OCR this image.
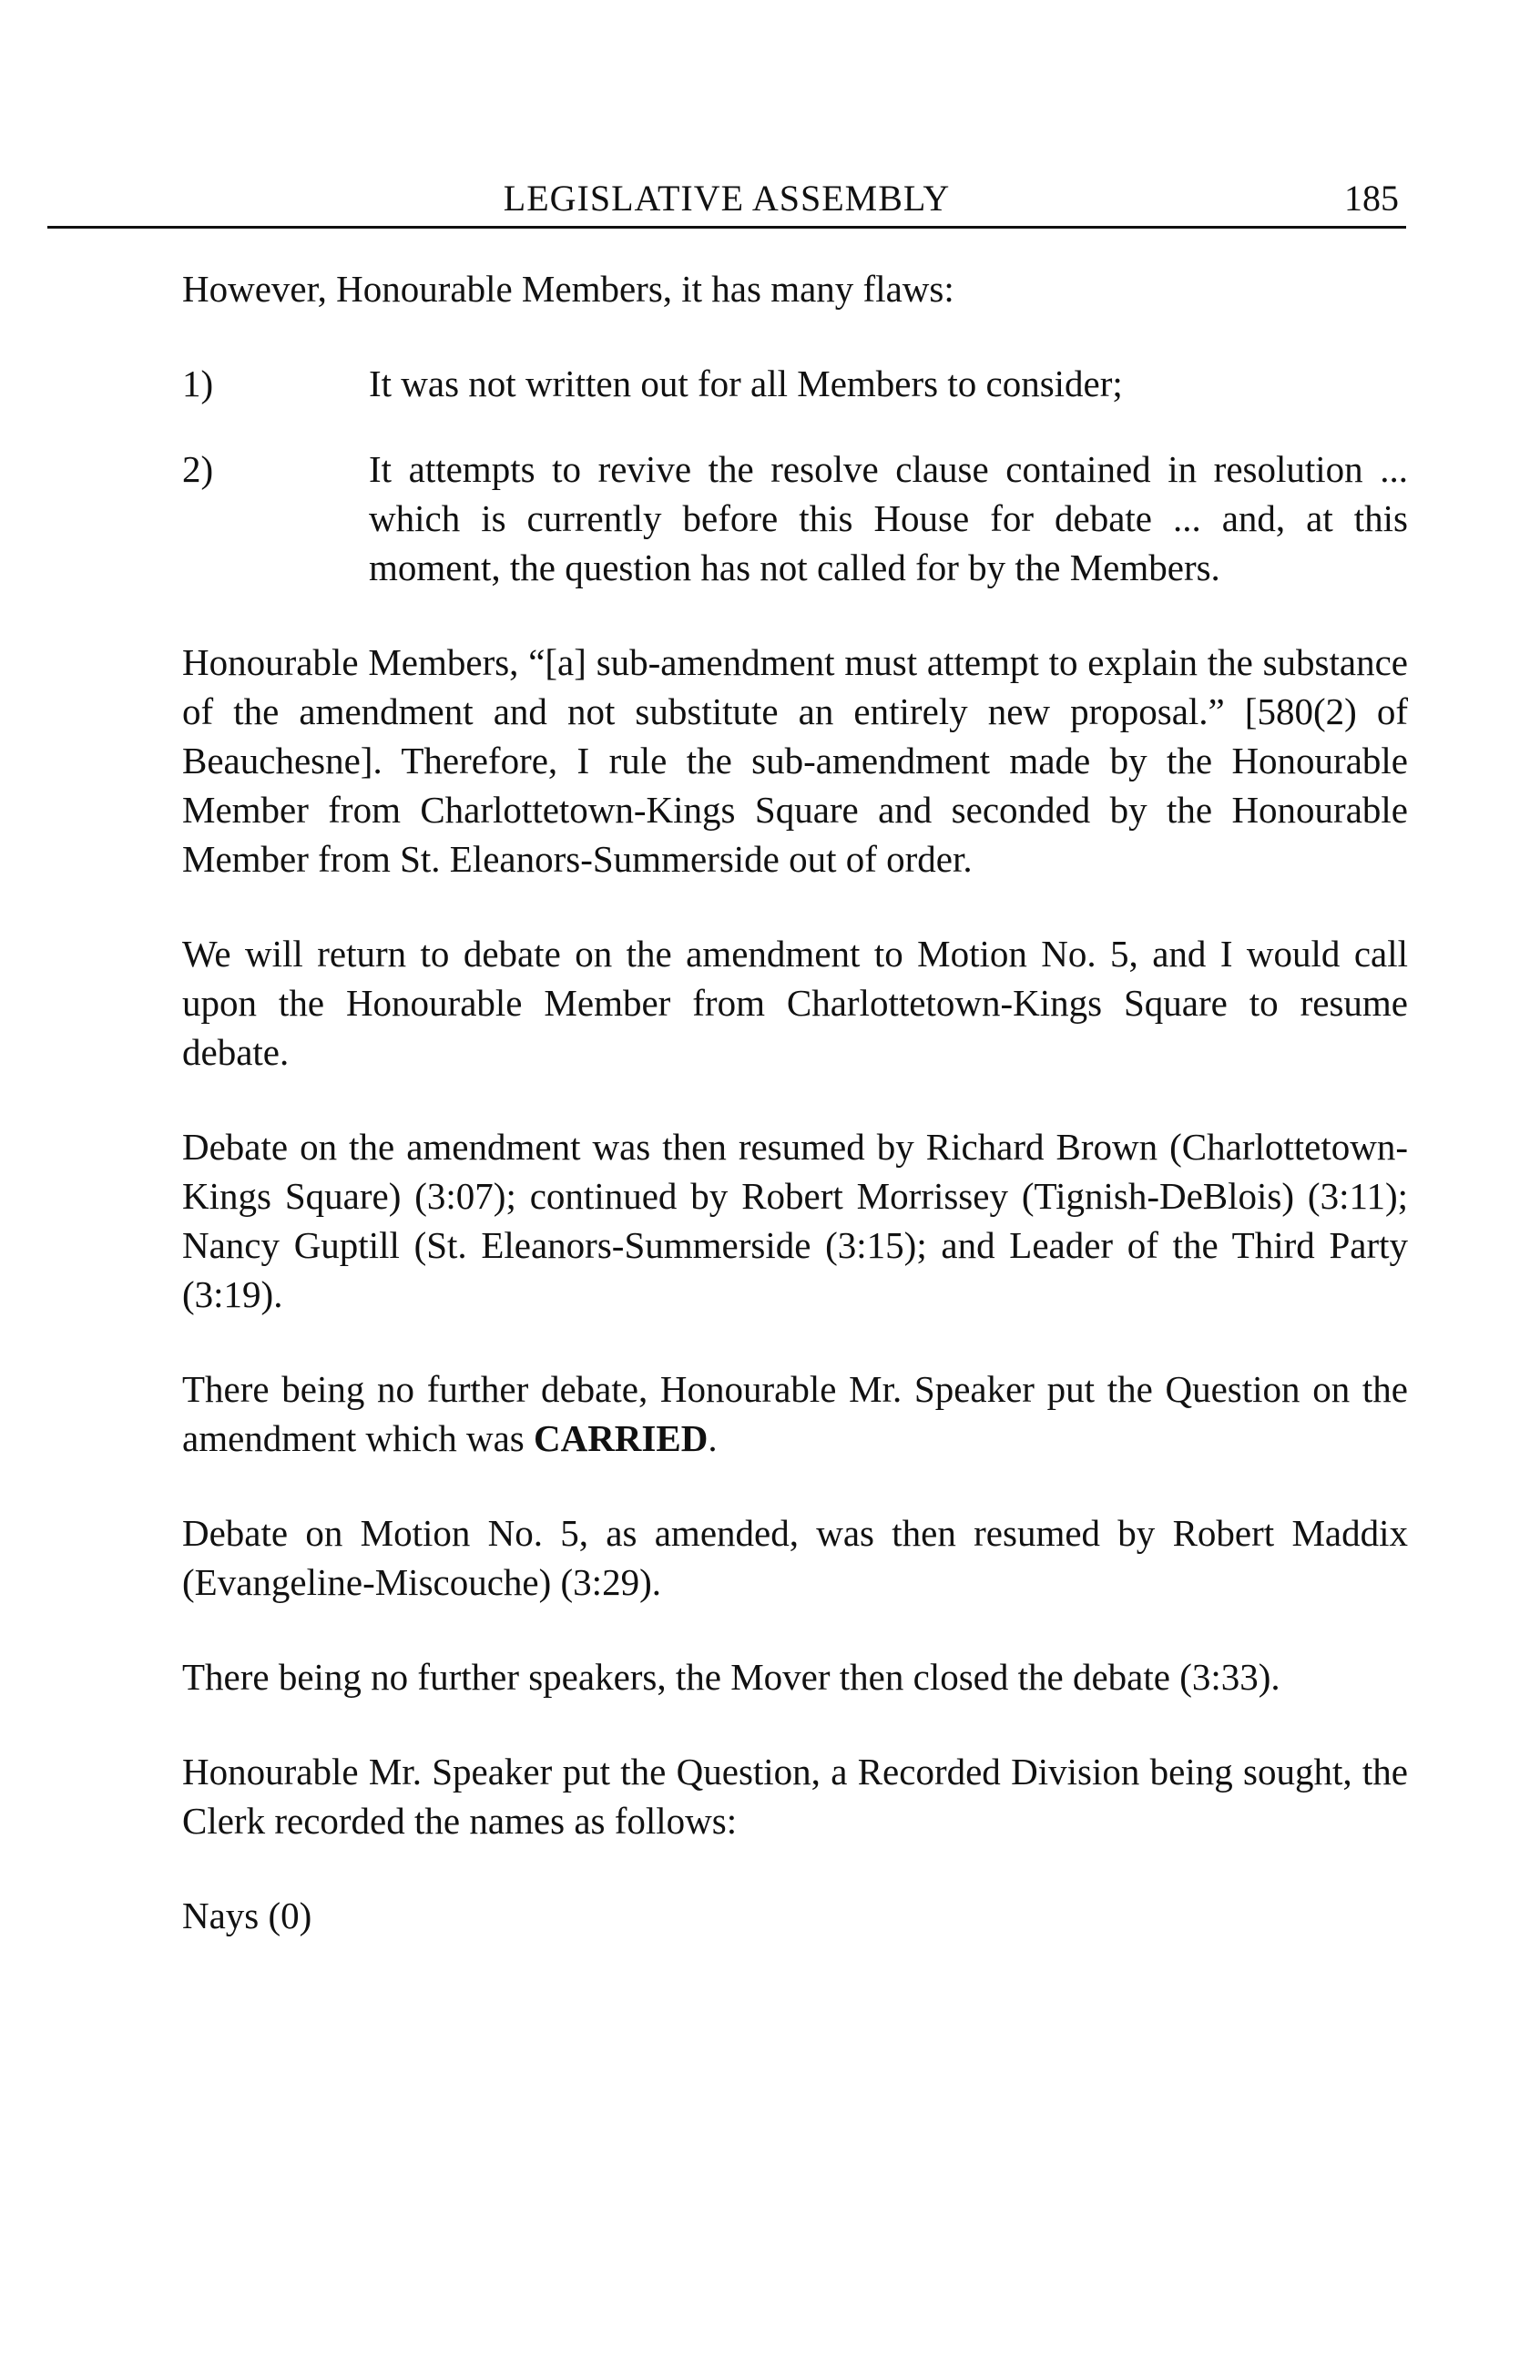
LEGISLATIVE ASSEMBLY	185

However, Honourable Members, it has many flaws:

1)	It was not written out for all Members to consider;
2)	It attempts to revive the resolve clause contained in resolution ... which is currently before this House for debate ... and, at this moment, the question has not called for by the Members.

Honourable Members, “[a] sub-amendment must attempt to explain the substance of the amendment and not substitute an entirely new proposal.” [580(2) of Beauchesne]. Therefore, I rule the sub-amendment made by the Honourable Member from Charlottetown-Kings Square and seconded by the Honourable Member from St. Eleanors-Summerside out of order.

We will return to debate on the amendment to Motion No. 5, and I would call upon the Honourable Member from Charlottetown-Kings Square to resume debate.

Debate on the amendment was then resumed by Richard Brown (Charlottetown-Kings Square) (3:07); continued by Robert Morrissey (Tignish-DeBlois) (3:11); Nancy Guptill (St. Eleanors-Summerside (3:15); and Leader of the Third Party (3:19).

There being no further debate, Honourable Mr. Speaker put the Question on the amendment which was CARRIED.

Debate on Motion No. 5, as amended, was then resumed by Robert Maddix (Evangeline-Miscouche) (3:29).

There being no further speakers, the Mover then closed the debate (3:33).

Honourable Mr. Speaker put the Question, a Recorded Division being sought, the Clerk recorded the names as follows:

Nays (0)
